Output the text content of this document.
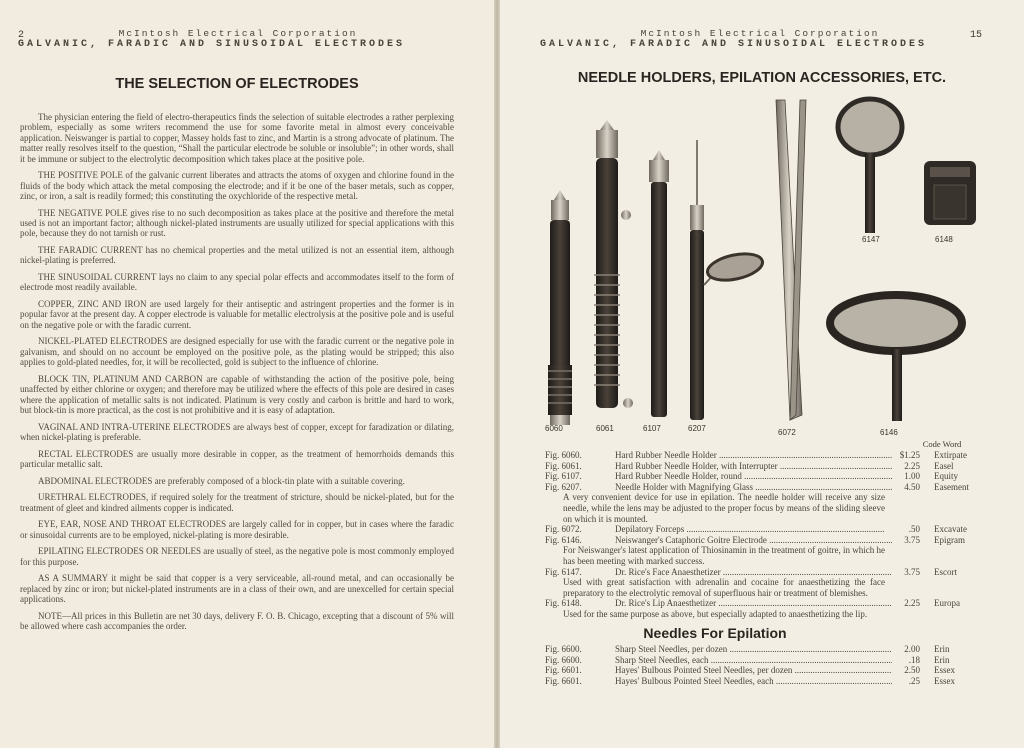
2	McIntosh Electrical Corporation
GALVANIC, FARADIC AND SINUSOIDAL ELECTRODES
THE SELECTION OF ELECTRODES

The physician entering the field of electro-therapeutics finds the selection of suitable electrodes a rather perplexing problem, especially as some writers recommend the use for some favorite metal in almost every conceivable application. Neiswanger is partial to copper, Massey holds fast to zinc, and Martin is a strong advocate of platinum. The matter really resolves itself to the question, “Shall the particular electrode be soluble or insoluble”; in other words, shall it be immune or subject to the electrolytic decomposition which takes place at the positive pole.

THE POSITIVE POLE of the galvanic current liberates and attracts the atoms of oxygen and chlorine found in the fluids of the body which attack the metal composing the electrode; and if it be one of the baser metals, such as copper, zinc, or iron, a salt is readily formed; this constituting the oxychloride of the respective metal.

THE NEGATIVE POLE gives rise to no such decomposition as takes place at the positive and therefore the metal used is not an important factor; although nickel-plated instruments are usually utilized for special applications with this pole, because they do not tarnish or rust.

THE FARADIC CURRENT has no chemical properties and the metal utilized is not an essential item, although nickel-plating is preferred.

THE SINUSOIDAL CURRENT lays no claim to any special polar effects and accommodates itself to the form of electrode most readily available.

COPPER, ZINC AND IRON are used largely for their antiseptic and astringent properties and the former is in popular favor at the present day. A copper electrode is valuable for metallic electrolysis at the positive pole and is useful on the negative pole or with the faradic current.

NICKEL-PLATED ELECTRODES are designed especially for use with the faradic current or the negative pole in galvanism, and should on no account be employed on the positive pole, as the plating would be stripped; this also applies to gold-plated needles, for, it will be recollected, gold is subject to the influence of chlorine.

BLOCK TIN, PLATINUM AND CARBON are capable of withstanding the action of the positive pole, being unaffected by either chlorine or oxygen; and therefore may be utilized where the effects of this pole are desired in cases where the application of metallic salts is not indicated. Platinum is very costly and carbon is brittle and hard to work, but block-tin is more practical, as the cost is not prohibitive and it is easy of adaptation.

VAGINAL AND INTRA-UTERINE ELECTRODES are always best of copper, except for faradization or dilating, when nickel-plating is preferable.

RECTAL ELECTRODES are usually more desirable in copper, as the treatment of hemorrhoids demands this particular metallic salt.

ABDOMINAL ELECTRODES are preferably composed of a block-tin plate with a suitable covering.

URETHRAL ELECTRODES, if required solely for the treatment of stricture, should be nickel-plated, but for the treatment of gleet and kindred ailments copper is indicated.

EYE, EAR, NOSE AND THROAT ELECTRODES are largely called for in copper, but in cases where the faradic or sinusoidal currents are to be employed, nickel-plating is more desirable.

EPILATING ELECTRODES OR NEEDLES are usually of steel, as the negative pole is most commonly employed for this purpose.

AS A SUMMARY it might be said that copper is a very serviceable, all-round metal, and can occasionally be replaced by zinc or iron; but nickel-plated instruments are in a class of their own, and are unexcelled for certain special applications.

NOTE—All prices in this Bulletin are net 30 days, delivery F. O. B. Chicago, excepting that a discount of 5% will be allowed where cash accompanies the order.

McIntosh Electrical Corporation
GALVANIC, FARADIC AND SINUSOIDAL ELECTRODES
15
NEEDLE HOLDERS, EPILATION ACCESSORIES, ETC.
6060	6061	6107	6207	6072	6146
6147	6148
Code Word
Fig. 6060.	Hard Rubber Needle Holder .....	$1.25	Extirpate
Fig. 6061.	Hard Rubber Needle Holder, with Interrupter .....	2.25	Easel
Fig. 6107.	Hard Rubber Needle Holder, round .....	1.00	Equity
Fig. 6207.	Needle Holder with Magnifying Glass .....	4.50	Easement
A very convenient device for use in epilation. The needle holder will receive any size needle, while the lens may be adjusted to the proper focus by means of the sliding sleeve on which it is mounted.
Fig. 6072.	Depilatory Forceps .....	.50	Excavate
Fig. 6146.	Neiswanger's Cataphoric Goitre Electrode .....	3.75	Epigram
For Neiswanger's latest application of Thiosinamin in the treatment of goitre, in which he has been meeting with marked success.
Fig. 6147.	Dr. Rice's Face Anaesthetizer .....	3.75	Escort
Used with great satisfaction with adrenalin and cocaine for anaesthetizing the face preparatory to the electrolytic removal of superfluous hair or treatment of blemishes.
Fig. 6148.	Dr. Rice's Lip Anaesthetizer .....	2.25	Europa
Used for the same purpose as above, but especially adapted to anaesthetizing the lip.
Needles For Epilation
Fig. 6600.	Sharp Steel Needles, per dozen .....	2.00	Erin
Fig. 6600.	Sharp Steel Needles, each .....	.18	Erin
Fig. 6601.	Hayes' Bulbous Pointed Steel Needles, per dozen .....	2.50	Essex
Fig. 6601.	Hayes' Bulbous Pointed Steel Needles, each .....	.25	Essex
